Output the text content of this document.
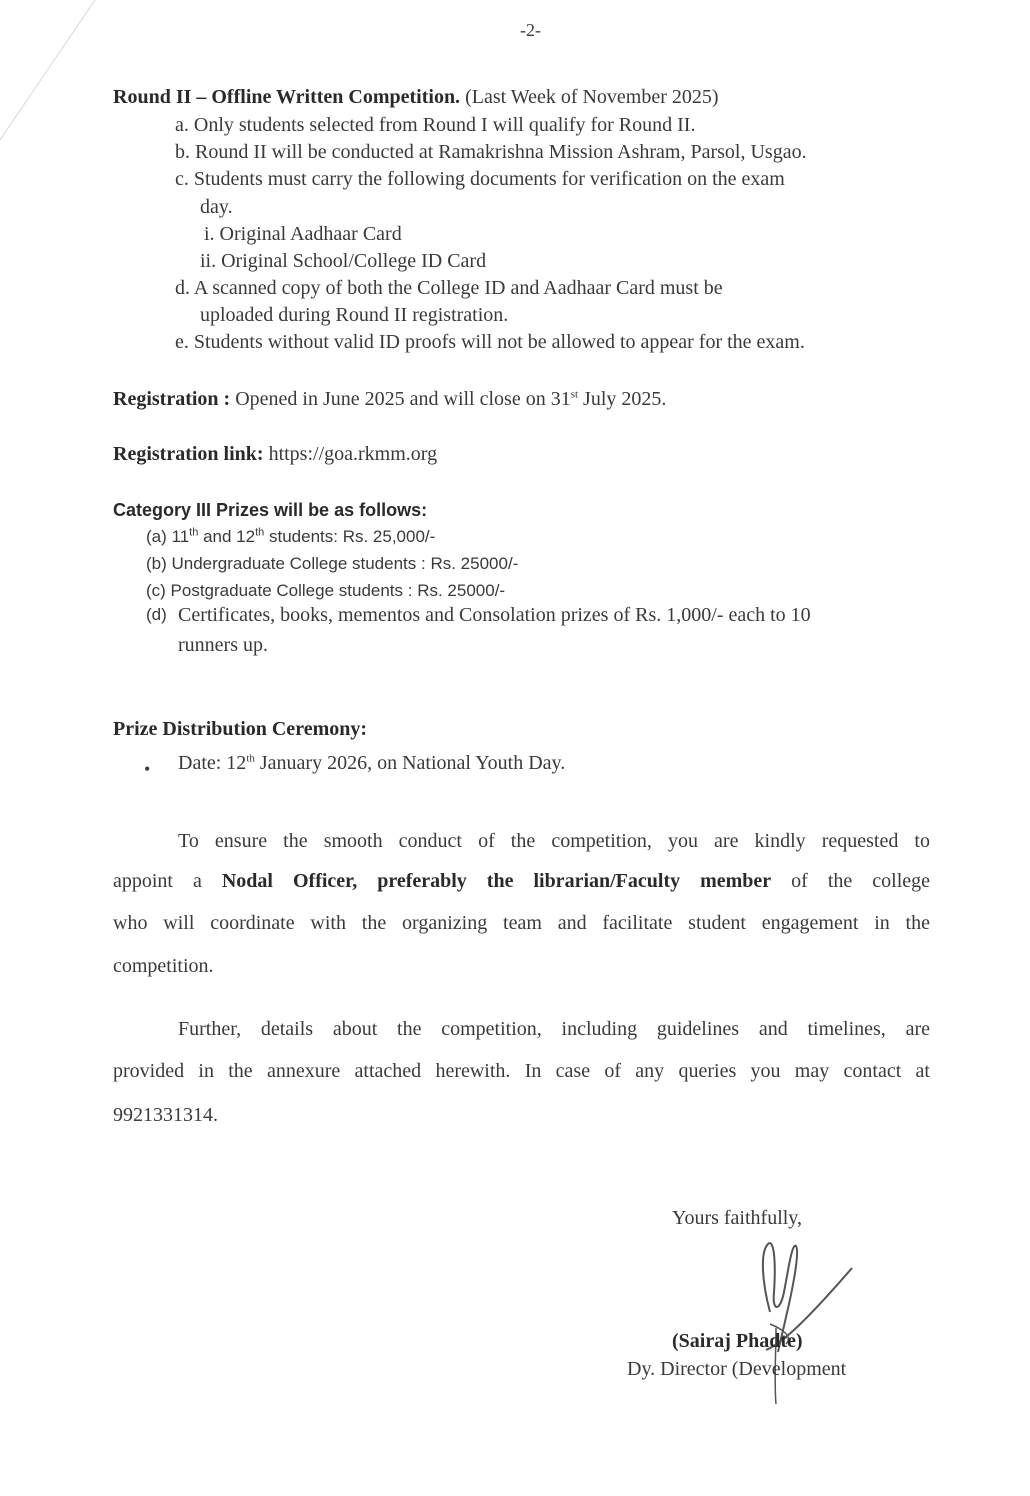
-2-
Round II – Offline Written Competition. (Last Week of November 2025)
a. Only students selected from Round I will qualify for Round II.
b. Round II will be conducted at Ramakrishna Mission Ashram, Parsol, Usgao.
c. Students must carry the following documents for verification on the exam
day.
i. Original Aadhaar Card
ii. Original School/College ID Card
d. A scanned copy of both the College ID and Aadhaar Card must be
uploaded during Round II registration.
e. Students without valid ID proofs will not be allowed to appear for the exam.
Registration : Opened in June 2025 and will close on 31st July 2025.
Registration link: https://goa.rkmm.org
Category III Prizes will be as follows:
(a) 11th and 12th students: Rs. 25,000/-
(b) Undergraduate College students : Rs. 25000/-
(c) Postgraduate College students : Rs. 25000/-
(d) Certificates, books, mementos and Consolation prizes of Rs. 1,000/- each to 10
runners up.
Prize Distribution Ceremony:
• Date: 12th January 2026, on National Youth Day.
To ensure the smooth conduct of the competition, you are kindly requested to
appoint a Nodal Officer, preferably the librarian/Faculty member of the college
who will coordinate with the organizing team and facilitate student engagement in the
competition.
Further, details about the competition, including guidelines and timelines, are
provided in the annexure attached herewith. In case of any queries you may contact at
9921331314.
Yours faithfully,
(Sairaj Phadte)
Dy. Director (Development
